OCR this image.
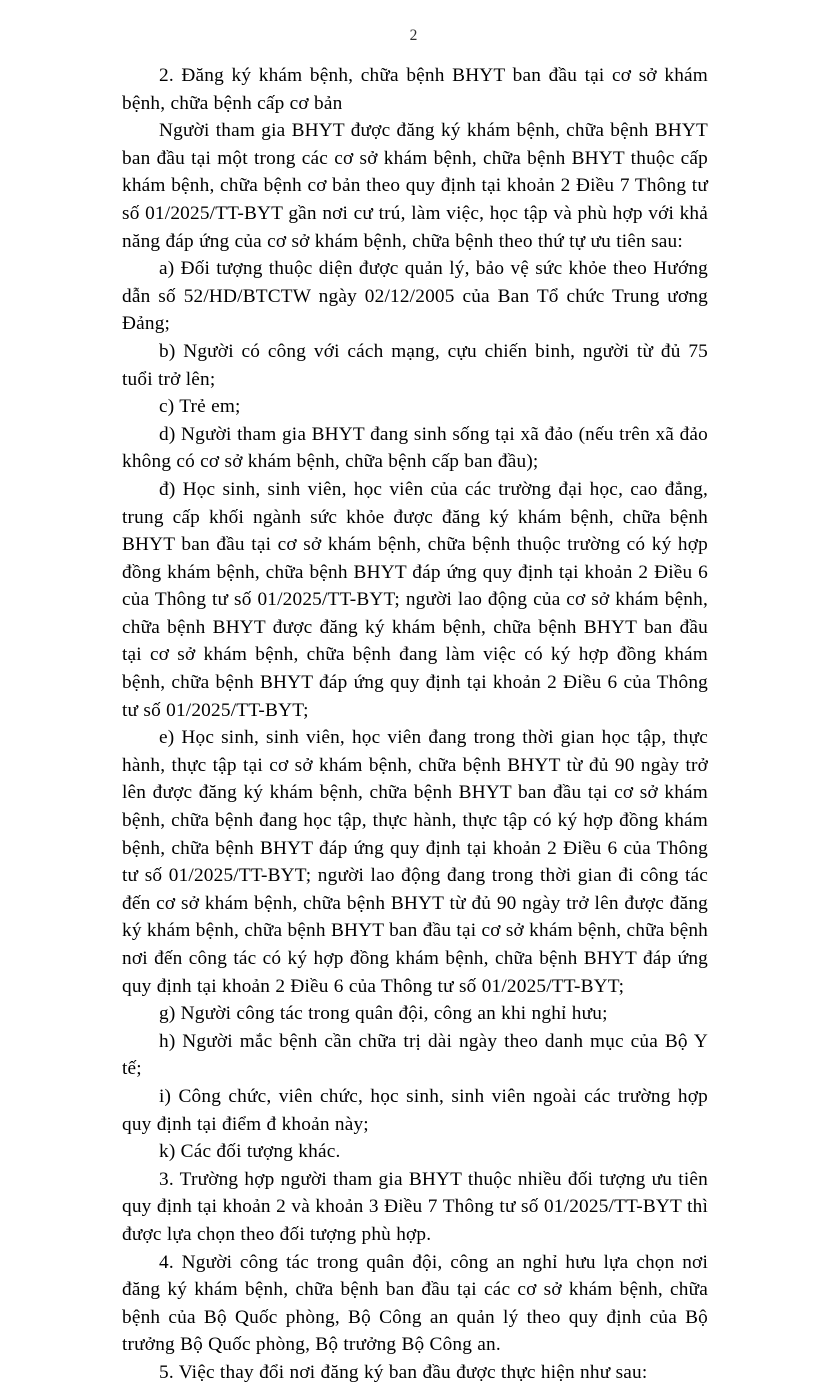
2

2. Đăng ký khám bệnh, chữa bệnh BHYT ban đầu tại cơ sở khám bệnh, chữa bệnh cấp cơ bản

Người tham gia BHYT được đăng ký khám bệnh, chữa bệnh BHYT ban đầu tại một trong các cơ sở khám bệnh, chữa bệnh BHYT thuộc cấp khám bệnh, chữa bệnh cơ bản theo quy định tại khoản 2 Điều 7 Thông tư số 01/2025/TT-BYT gần nơi cư trú, làm việc, học tập và phù hợp với khả năng đáp ứng của cơ sở khám bệnh, chữa bệnh theo thứ tự ưu tiên sau:

a) Đối tượng thuộc diện được quản lý, bảo vệ sức khỏe theo Hướng dẫn số 52/HD/BTCTW ngày 02/12/2005 của Ban Tổ chức Trung ương Đảng;

b) Người có công với cách mạng, cựu chiến binh, người từ đủ 75 tuổi trở lên;

c) Trẻ em;

d) Người tham gia BHYT đang sinh sống tại xã đảo (nếu trên xã đảo không có cơ sở khám bệnh, chữa bệnh cấp ban đầu);

đ) Học sinh, sinh viên, học viên của các trường đại học, cao đẳng, trung cấp khối ngành sức khỏe được đăng ký khám bệnh, chữa bệnh BHYT ban đầu tại cơ sở khám bệnh, chữa bệnh thuộc trường có ký hợp đồng khám bệnh, chữa bệnh BHYT đáp ứng quy định tại khoản 2 Điều 6 của Thông tư số 01/2025/TT-BYT; người lao động của cơ sở khám bệnh, chữa bệnh BHYT được đăng ký khám bệnh, chữa bệnh BHYT ban đầu tại cơ sở khám bệnh, chữa bệnh đang làm việc có ký hợp đồng khám bệnh, chữa bệnh BHYT đáp ứng quy định tại khoản 2 Điều 6 của Thông tư số 01/2025/TT-BYT;

e) Học sinh, sinh viên, học viên đang trong thời gian học tập, thực hành, thực tập tại cơ sở khám bệnh, chữa bệnh BHYT từ đủ 90 ngày trở lên được đăng ký khám bệnh, chữa bệnh BHYT ban đầu tại cơ sở khám bệnh, chữa bệnh đang học tập, thực hành, thực tập có ký hợp đồng khám bệnh, chữa bệnh BHYT đáp ứng quy định tại khoản 2 Điều 6 của Thông tư số 01/2025/TT-BYT; người lao động đang trong thời gian đi công tác đến cơ sở khám bệnh, chữa bệnh BHYT từ đủ 90 ngày trở lên được đăng ký khám bệnh, chữa bệnh BHYT ban đầu tại cơ sở khám bệnh, chữa bệnh nơi đến công tác có ký hợp đồng khám bệnh, chữa bệnh BHYT đáp ứng quy định tại khoản 2 Điều 6 của Thông tư số 01/2025/TT-BYT;

g) Người công tác trong quân đội, công an khi nghỉ hưu;

h) Người mắc bệnh cần chữa trị dài ngày theo danh mục của Bộ Y tế;

i) Công chức, viên chức, học sinh, sinh viên ngoài các trường hợp quy định tại điểm đ khoản này;

k) Các đối tượng khác.

3. Trường hợp người tham gia BHYT thuộc nhiều đối tượng ưu tiên quy định tại khoản 2 và khoản 3 Điều 7 Thông tư số 01/2025/TT-BYT thì được lựa chọn theo đối tượng phù hợp.

4. Người công tác trong quân đội, công an nghỉ hưu lựa chọn nơi đăng ký khám bệnh, chữa bệnh ban đầu tại các cơ sở khám bệnh, chữa bệnh của Bộ Quốc phòng, Bộ Công an quản lý theo quy định của Bộ trưởng Bộ Quốc phòng, Bộ trưởng Bộ Công an.

5. Việc thay đổi nơi đăng ký ban đầu được thực hiện như sau:
